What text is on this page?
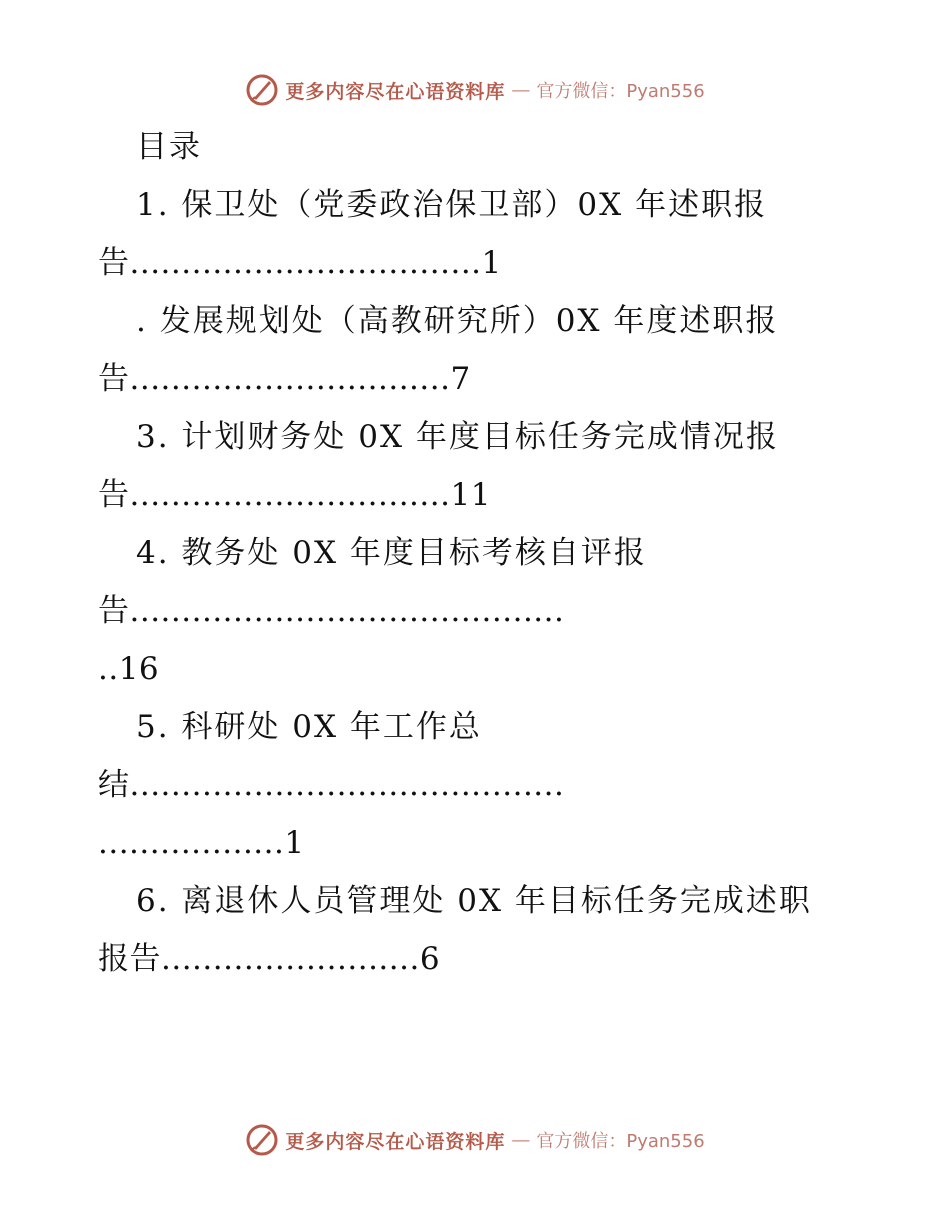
更多内容尽在心语资料库 — 官方微信：Pyan556
目录
1. 保卫处（党委政治保卫部）0X 年述职报
告..................................1
. 发展规划处（高教研究所）0X 年度述职报
告...............................7
3. 计划财务处 0X 年度目标任务完成情况报
告...............................11
4. 教务处 0X 年度目标考核自评报
告..........................................
..16
5. 科研处 0X 年工作总
结..........................................
..................1
6. 离退休人员管理处 0X 年目标任务完成述职
报告.........................6
更多内容尽在心语资料库 — 官方微信：Pyan556
